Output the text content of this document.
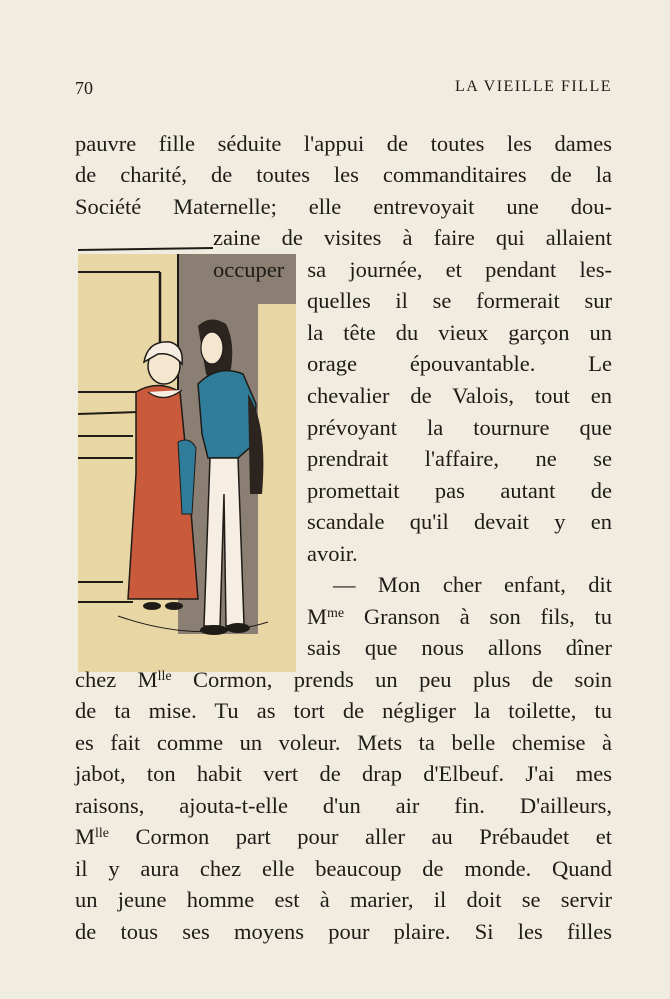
70	LA VIEILLE FILLE
pauvre fille séduite l'appui de toutes les dames
de charité, de toutes les commanditaires de la
Société Maternelle; elle entrevoyait une dou-
zaine de visites à faire qui allaient
occuper sa journée, et pendant les-
quelles il se formerait sur
la tête du vieux garçon un
orage épouvantable. Le
chevalier de Valois, tout en
prévoyant la tournure que
prendrait l'affaire, ne se
promettait pas autant de
scandale qu'il devait y en
avoir.
— Mon cher enfant, dit
$M^{me}$ Granson à son fils, tu
sais que nous allons dîner
chez $M^{lle}$ Cormon, prends un peu plus de soin
de ta mise. Tu as tort de négliger la toilette, tu
es fait comme un voleur. Mets ta belle chemise à
jabot, ton habit vert de drap d'Elbeuf. J'ai mes
raisons, ajouta-t-elle d'un air fin. D'ailleurs,
$M^{lle}$ Cormon part pour aller au Prébaudet et
il y aura chez elle beaucoup de monde. Quand
un jeune homme est à marier, il doit se servir
de tous ses moyens pour plaire. Si les filles
